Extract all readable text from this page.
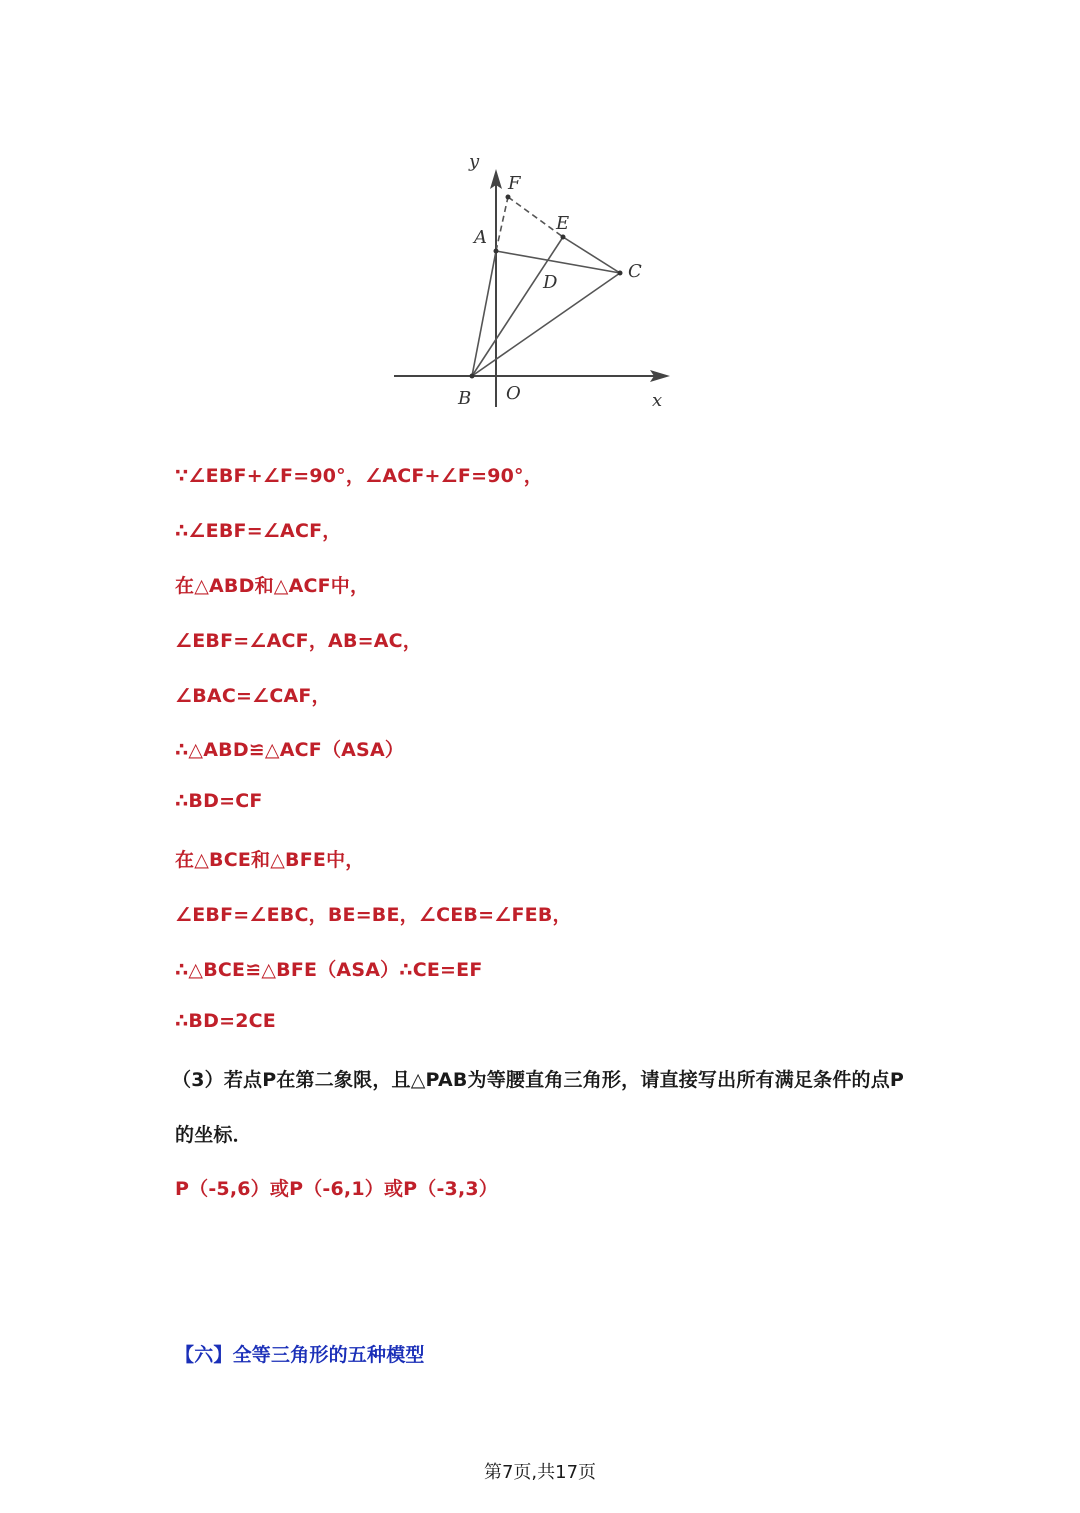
y
F
E
A
C
D
B O	x
∵∠EBF+∠F=90°，∠ACF+∠F=90°，
∴∠EBF=∠ACF，
在△ABD和△ACF中，
∠EBF=∠ACF，AB=AC，
∠BAC=∠CAF，
∴△ABD≌△ACF（ASA）
∴BD=CF
在△BCE和△BFE中，
∠EBF=∠EBC，BE=BE，∠CEB=∠FEB，
∴△BCE≌△BFE（ASA）∴CE=EF
∴BD=2CE
（3）若点P在第二象限，且△PAB为等腰直角三角形，请直接写出所有满足条件的点P
的坐标．
P（-5,6）或P（-6,1）或P（-3,3）
【六】全等三角形的五种模型
第7页,共17页
